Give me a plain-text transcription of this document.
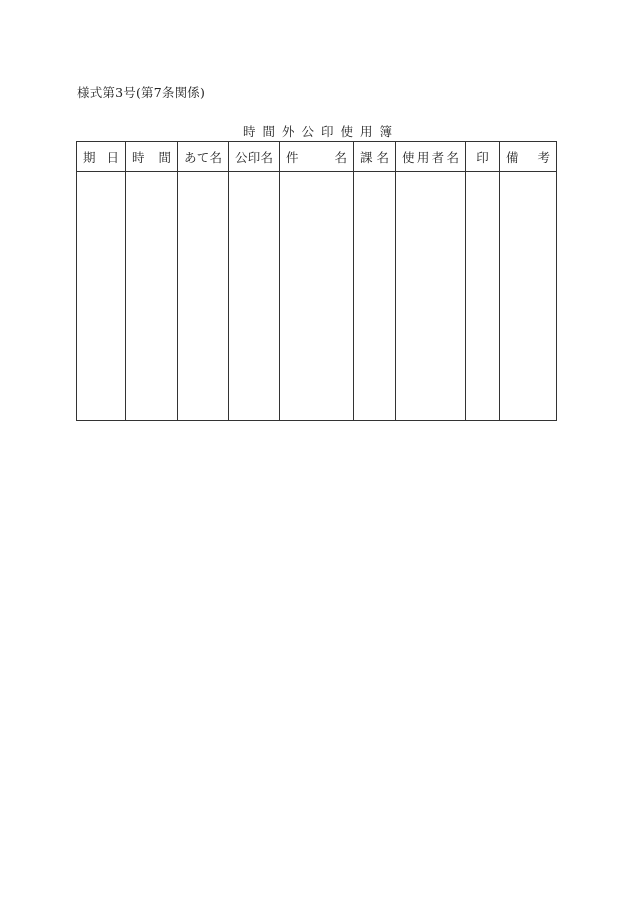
様式第3号(第7条関係)
時間外公印使用簿
期 日	時 間	あ て 名	公 印 名	件 名	課 名	使 用 者 名	印	備 考
